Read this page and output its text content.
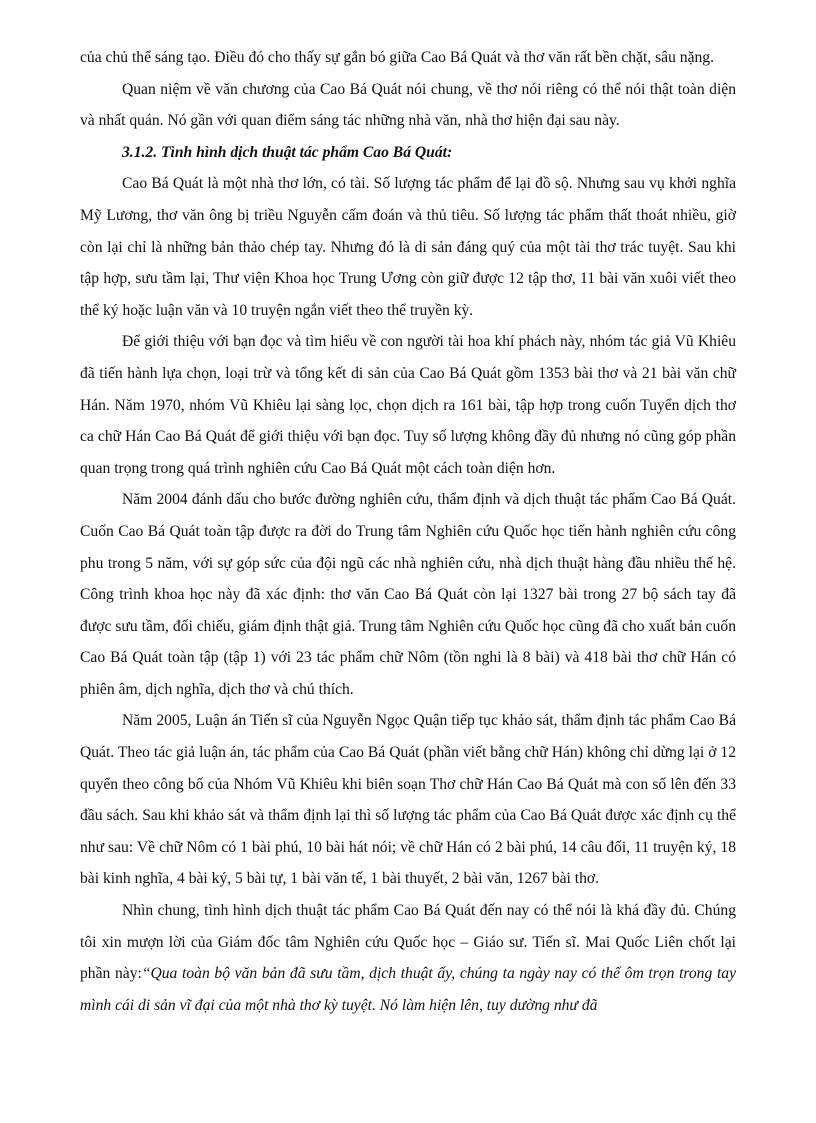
của chủ thể sáng tạo. Điều đó cho thấy sự gắn bó giữa Cao Bá Quát và thơ văn rất bền chặt, sâu nặng.

Quan niệm về văn chương của Cao Bá Quát nói chung, về thơ nói riêng có thể nói thật toàn diện và nhất quán. Nó gần với quan điểm sáng tác những nhà văn, nhà thơ hiện đại sau này.

3.1.2. Tình hình dịch thuật tác phẩm Cao Bá Quát:

Cao Bá Quát là một nhà thơ lớn, có tài. Số lượng tác phẩm để lại đồ sộ. Nhưng sau vụ khởi nghĩa Mỹ Lương, thơ văn ông bị triều Nguyễn cấm đoán và thủ tiêu. Số lượng tác phẩm thất thoát nhiều, giờ còn lại chỉ là những bản thảo chép tay. Nhưng đó là di sản đáng quý của một tài thơ trác tuyệt. Sau khi tập hợp, sưu tầm lại, Thư viện Khoa học Trung Ương còn giữ được 12 tập thơ, 11 bài văn xuôi viết theo thể ký hoặc luận văn và 10 truyện ngắn viết theo thể truyền kỳ.

Để giới thiệu với bạn đọc và tìm hiểu về con người tài hoa khí phách này, nhóm tác giả Vũ Khiêu đã tiến hành lựa chọn, loại trừ và tổng kết di sản của Cao Bá Quát gồm 1353 bài thơ và 21 bài văn chữ Hán. Năm 1970, nhóm Vũ Khiêu lại sàng lọc, chọn dịch ra 161 bài, tập hợp trong cuốn Tuyển dịch thơ ca chữ Hán Cao Bá Quát để giới thiệu với bạn đọc. Tuy số lượng không đầy đủ nhưng nó cũng góp phần quan trọng trong quá trình nghiên cứu Cao Bá Quát một cách toàn diện hơn.

Năm 2004 đánh dấu cho bước đường nghiên cứu, thẩm định và dịch thuật tác phẩm Cao Bá Quát. Cuốn Cao Bá Quát toàn tập được ra đời do Trung tâm Nghiên cứu Quốc học tiến hành nghiên cứu công phu trong 5 năm, với sự góp sức của đội ngũ các nhà nghiên cứu, nhà dịch thuật hàng đầu nhiều thế hệ. Công trình khoa học này đã xác định: thơ văn Cao Bá Quát còn lại 1327 bài trong 27 bộ sách tay đã được sưu tầm, đối chiếu, giám định thật giả. Trung tâm Nghiên cứu Quốc học cũng đã cho xuất bản cuốn Cao Bá Quát toàn tập (tập 1) với 23 tác phẩm chữ Nôm (tồn nghi là 8 bài) và 418 bài thơ chữ Hán có phiên âm, dịch nghĩa, dịch thơ và chú thích.

Năm 2005, Luận án Tiến sĩ của Nguyễn Ngọc Quận tiếp tục khảo sát, thẩm định tác phẩm Cao Bá Quát. Theo tác giả luận án, tác phẩm của Cao Bá Quát (phần viết bằng chữ Hán) không chỉ dừng lại ở 12 quyển theo công bố của Nhóm Vũ Khiêu khi biên soạn Thơ chữ Hán Cao Bá Quát mà con số lên đến 33 đầu sách. Sau khi khảo sát và thẩm định lại thì số lượng tác phẩm của Cao Bá Quát được xác định cụ thể như sau: Về chữ Nôm có 1 bài phú, 10 bài hát nói; về chữ Hán có 2 bài phú, 14 câu đối, 11 truyện ký, 18 bài kinh nghĩa, 4 bài ký, 5 bài tự, 1 bài văn tế, 1 bài thuyết, 2 bài văn, 1267 bài thơ.

Nhìn chung, tình hình dịch thuật tác phẩm Cao Bá Quát đến nay có thể nói là khá đầy đủ. Chúng tôi xin mượn lời của Giám đốc tâm Nghiên cứu Quốc học – Giáo sư. Tiến sĩ. Mai Quốc Liên chốt lại phần này:“Qua toàn bộ văn bản đã sưu tầm, dịch thuật ấy, chúng ta ngày nay có thể ôm trọn trong tay mình cái di sản vĩ đại của một nhà thơ kỳ tuyệt. Nó làm hiện lên, tuy dường như đã
